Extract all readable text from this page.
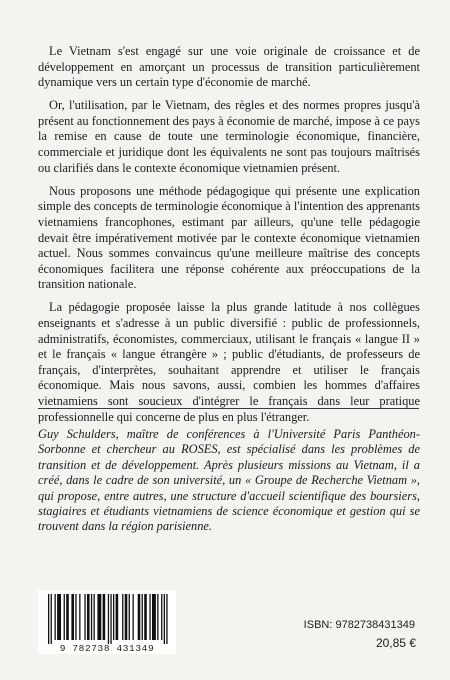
Le Vietnam s'est engagé sur une voie originale de croissance et de développement en amorçant un processus de transition particulièrement dynamique vers un certain type d'économie de marché.

Or, l'utilisation, par le Vietnam, des règles et des normes propres jusqu'à présent au fonctionnement des pays à économie de marché, impose à ce pays la remise en cause de toute une terminologie économique, financière, commerciale et juridique dont les équivalents ne sont pas toujours maîtrisés ou clarifiés dans le contexte économique vietnamien présent.

Nous proposons une méthode pédagogique qui présente une explication simple des concepts de terminologie économique à l'intention des apprenants vietnamiens francophones, estimant par ailleurs, qu'une telle pédagogie devait être impérativement motivée par le contexte économique vietnamien actuel. Nous sommes convaincus qu'une meilleure maîtrise des concepts économiques facilitera une réponse cohérente aux préoccupations de la transition nationale.

La pédagogie proposée laisse la plus grande latitude à nos collègues enseignants et s'adresse à un public diversifié : public de professionnels, administratifs, économistes, commerciaux, utilisant le français « langue II » et le français « langue étrangère » ; public d'étudiants, de professeurs de français, d'interprètes, souhaitant apprendre et utiliser le français économique. Mais nous savons, aussi, combien les hommes d'affaires vietnamiens sont soucieux d'intégrer le français dans leur pratique professionnelle qui concerne de plus en plus l'étranger.

Guy Schulders, maître de conférences à l'Université Paris Panthéon-Sorbonne et chercheur au ROSES, est spécialisé dans les problèmes de transition et de développement. Après plusieurs missions au Vietnam, il a créé, dans le cadre de son université, un « Groupe de Recherche Vietnam », qui propose, entre autres, une structure d'accueil scientifique des boursiers, stagiaires et étudiants vietnamiens de science économique et gestion qui se trouvent dans la région parisienne.

9 782738 431349
ISBN: 9782738431349
20,85 €
